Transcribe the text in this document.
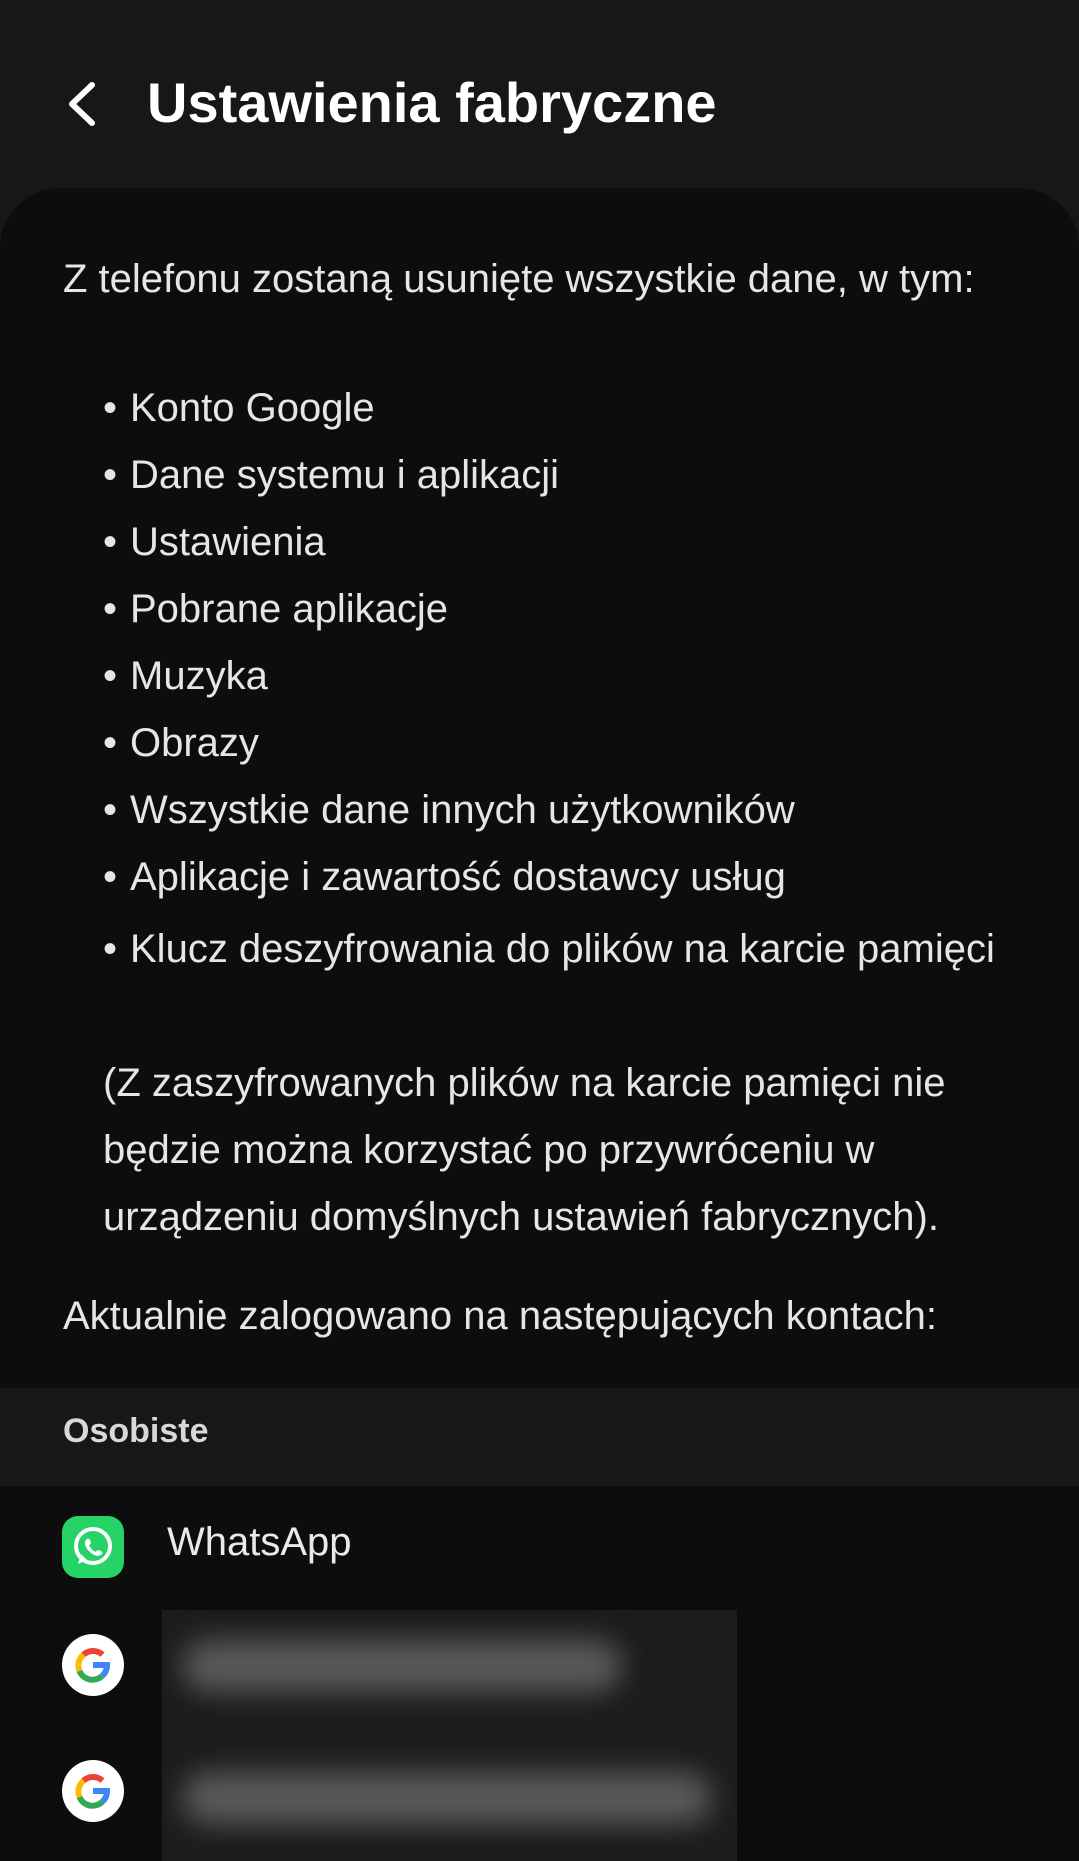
Ustawienia fabryczne
Z telefonu zostaną usunięte wszystkie dane, w tym:
• Konto Google
• Dane systemu i aplikacji
• Ustawienia
• Pobrane aplikacje
• Muzyka
• Obrazy
• Wszystkie dane innych użytkowników
• Aplikacje i zawartość dostawcy usług
• Klucz deszyfrowania do plików na karcie pamięci
(Z zaszyfrowanych plików na karcie pamięci nie będzie można korzystać po przywróceniu w urządzeniu domyślnych ustawień fabrycznych).
Aktualnie zalogowano na następujących kontach:
Osobiste
WhatsApp
